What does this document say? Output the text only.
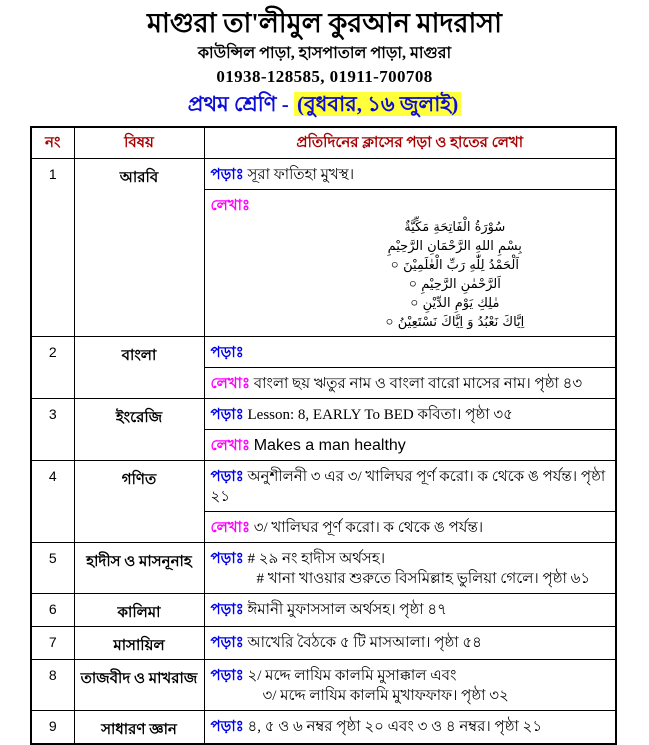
মাগুরা তা'লীমুল কুরআন মাদরাসা
কাউন্সিল পাড়া, হাসপাতাল পাড়া, মাগুরা
01938-128585, 01911-700708
প্রথম শ্রেণি - (বুধবার, ১৬ জুলাই)
নং	বিষয়	প্রতিদিনের ক্লাসের পড়া ও হাতের লেখা
1	আরবি	পড়াঃ সূরা ফাতিহা মুখস্থ।
লেখাঃ
سُوْرَةُ الْفَاتِحَةِ مَكِّيَّةٌ
بِسْمِ اللهِ الرَّحْمَانِ الرَّحِيْمِ
اَلْحَمْدُ لِلّٰهِ رَبِّ الْعٰلَمِيْنَ ০
اَلرَّحْمٰنِ الرَّحِيْمِ ০
مٰلِكِ يَوْمِ الدِّيْنِ ০
اِيَّاكَ نَعْبُدُ وَ اِيَّاكَ نَسْتَعِيْنُ ০

2	বাংলা	পড়াঃ
		লেখাঃ বাংলা ছয় ঋতুর নাম ও বাংলা বারো মাসের নাম। পৃষ্ঠা ৪৩
3	ইংরেজি	পড়াঃ Lesson: 8, EARLY To BED কবিতা। পৃষ্ঠা ৩৫
		লেখাঃ Makes a man healthy
4	গণিত	পড়াঃ অনুশীলনী ৩ এর ৩/ খালিঘর পূর্ণ করো। ক থেকে ঙ পর্যন্ত। পৃষ্ঠা ২১
		লেখাঃ ৩/ খালিঘর পূর্ণ করো। ক থেকে ঙ পর্যন্ত।
5	হাদীস ও মাসনূনাহ	পড়াঃ # ২৯ নং হাদীস অর্থসহ।
# খানা খাওয়ার শুরুতে বিসমিল্লাহ ভুলিয়া গেলে। পৃষ্ঠা ৬১

6	কালিমা	পড়াঃ ঈমানী মুফাসসাল অর্থসহ। পৃষ্ঠা ৪৭
7	মাসায়িল	পড়াঃ আখেরি বৈঠকে ৫ টি মাসআলা। পৃষ্ঠা ৫৪
8	তাজবীদ ও মাখরাজ	পড়াঃ ২/ মদ্দে লাযিম কালমি মুসাক্কাল এবং
৩/ মদ্দে লাযিম কালমি মুখাফফাফ। পৃষ্ঠা ৩২

9	সাধারণ জ্ঞান	পড়াঃ ৪, ৫ ও ৬ নম্বর পৃষ্ঠা ২০ এবং ৩ ও ৪ নম্বর। পৃষ্ঠা ২১
